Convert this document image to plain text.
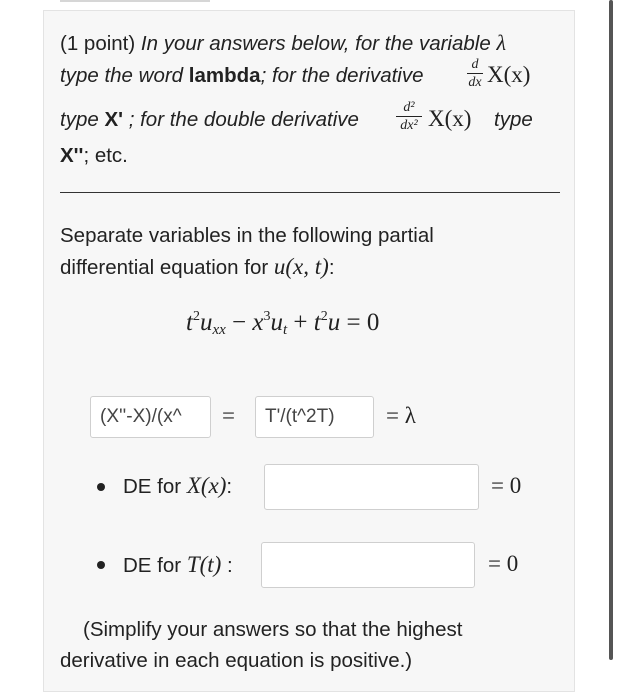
(1 point) In your answers below, for the variable λ
type the word lambda; for the derivative	d
dx X(x)
type X' ; for the double derivative
d²
dx² X(x) type
X''; etc.
Separate variables in the following partial
differential equation for u(x, t):
$t^2u_{xx} - x^3u_t + t^2u = 0$
(X''-X)/(x^	=	T'/(t^2T)	= λ
DE for X(x):	= 0
DE for T(t) :	= 0
(Simplify your answers so that the highest
derivative in each equation is positive.)
